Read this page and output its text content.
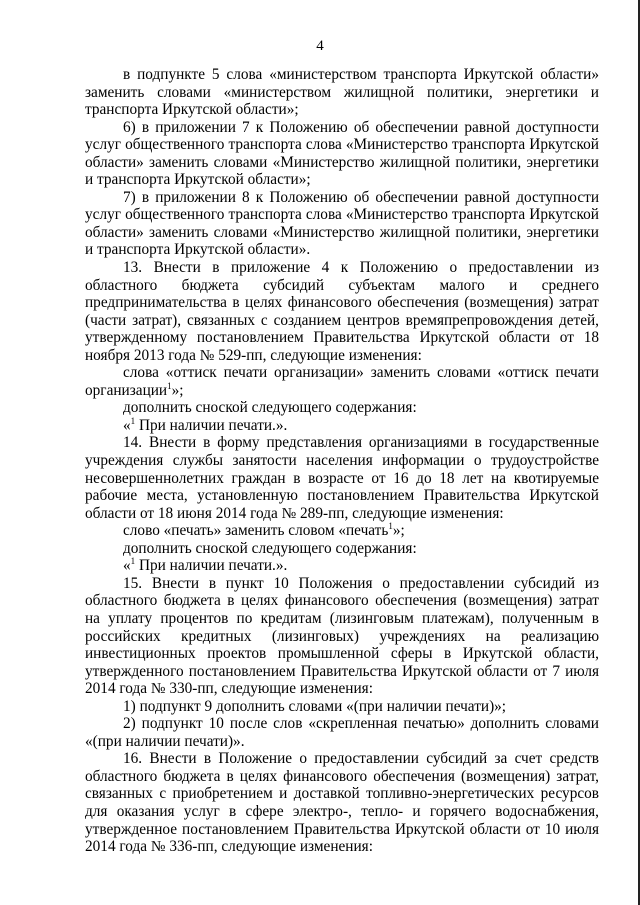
4

в подпункте 5 слова «министерством транспорта Иркутской области» заменить словами «министерством жилищной политики, энергетики и транспорта Иркутской области»;

6) в приложении 7 к Положению об обеспечении равной доступности услуг общественного транспорта слова «Министерство транспорта Иркутской области» заменить словами «Министерство жилищной политики, энергетики и транспорта Иркутской области»;

7) в приложении 8 к Положению об обеспечении равной доступности услуг общественного транспорта слова «Министерство транспорта Иркутской области» заменить словами «Министерство жилищной политики, энергетики и транспорта Иркутской области».

13. Внести в приложение 4 к Положению о предоставлении из областного бюджета субсидий субъектам малого и среднего предпринимательства в целях финансового обеспечения (возмещения) затрат (части затрат), связанных с созданием центров времяпрепровождения детей, утвержденному постановлением Правительства Иркутской области от 18 ноября 2013 года № 529-пп, следующие изменения:

слова «оттиск печати организации» заменить словами «оттиск печати организации$^1$»;

дополнить сноской следующего содержания:

«$^1$ При наличии печати.».

14. Внести в форму представления организациями в государственные учреждения службы занятости населения информации о трудоустройстве несовершеннолетних граждан в возрасте от 16 до 18 лет на квотируемые рабочие места, установленную постановлением Правительства Иркутской области от 18 июня 2014 года № 289-пп, следующие изменения:

слово «печать» заменить словом «печать$^1$»;

дополнить сноской следующего содержания:

«$^1$ При наличии печати.».

15. Внести в пункт 10 Положения о предоставлении субсидий из областного бюджета в целях финансового обеспечения (возмещения) затрат на уплату процентов по кредитам (лизинговым платежам), полученным в российских кредитных (лизинговых) учреждениях на реализацию инвестиционных проектов промышленной сферы в Иркутской области, утвержденного постановлением Правительства Иркутской области от 7 июля 2014 года № 330-пп, следующие изменения:

1) подпункт 9 дополнить словами «(при наличии печати)»;

2) подпункт 10 после слов «скрепленная печатью» дополнить словами «(при наличии печати)».

16. Внести в Положение о предоставлении субсидий за счет средств областного бюджета в целях финансового обеспечения (возмещения) затрат, связанных с приобретением и доставкой топливно-энергетических ресурсов для оказания услуг в сфере электро-, тепло- и горячего водоснабжения, утвержденное постановлением Правительства Иркутской области от 10 июля 2014 года № 336-пп, следующие изменения:
